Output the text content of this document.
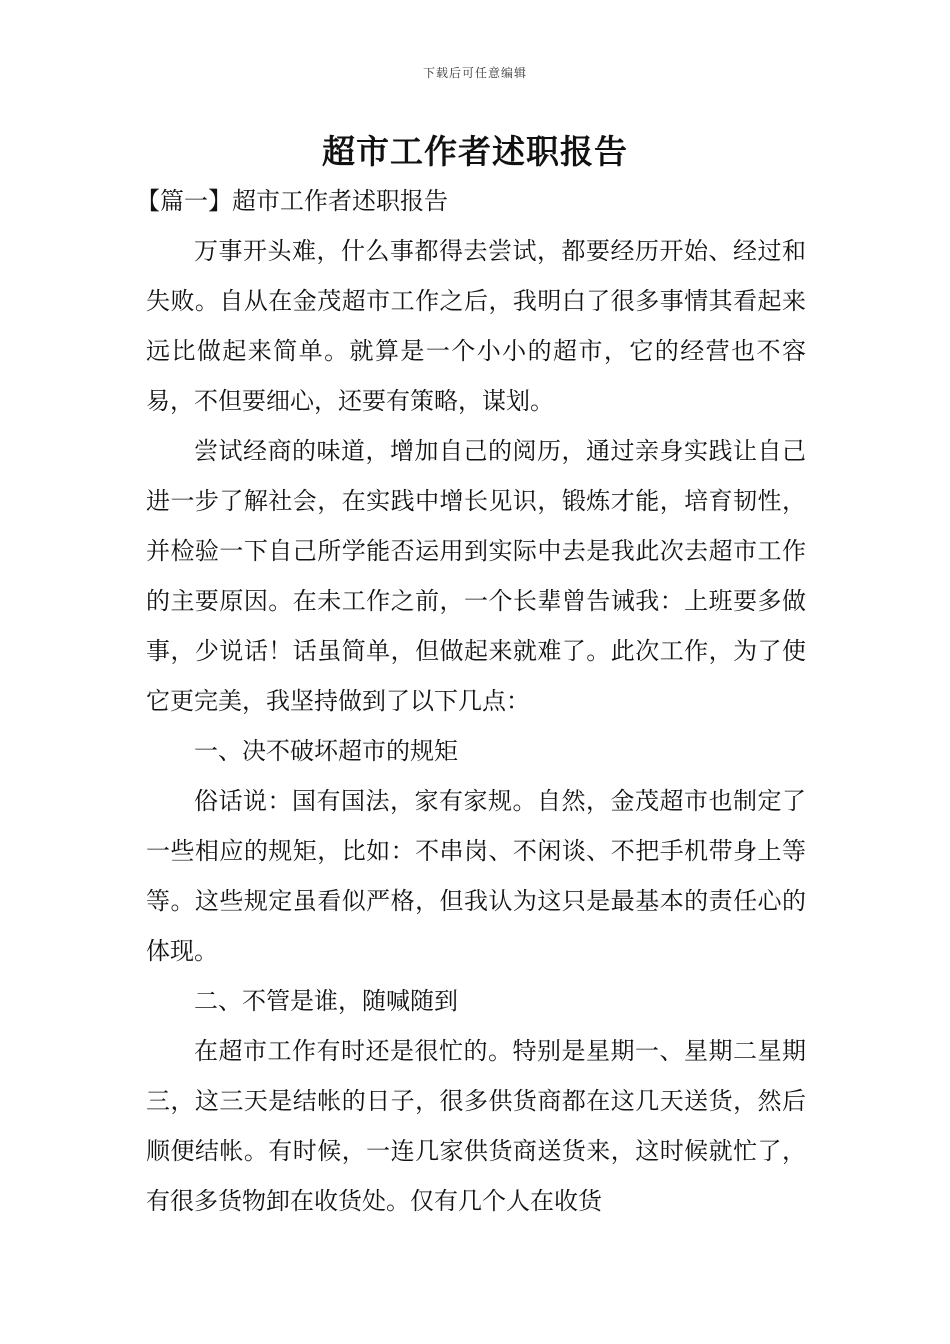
下载后可任意编辑
超市工作者述职报告

【篇一】超市工作者述职报告

万事开头难，什么事都得去尝试，都要经历开始、经过和失败。自从在金茂超市工作之后，我明白了很多事情其看起来远比做起来简单。就算是一个小小的超市，它的经营也不容易，不但要细心，还要有策略，谋划。

尝试经商的味道，增加自己的阅历，通过亲身实践让自己进一步了解社会，在实践中增长见识，锻炼才能，培育韧性，并检验一下自己所学能否运用到实际中去是我此次去超市工作的主要原因。在未工作之前，一个长辈曾告诫我：上班要多做事，少说话！话虽简单，但做起来就难了。此次工作，为了使它更完美，我坚持做到了以下几点：

一、决不破坏超市的规矩

俗话说：国有国法，家有家规。自然，金茂超市也制定了一些相应的规矩，比如：不串岗、不闲谈、不把手机带身上等等。这些规定虽看似严格，但我认为这只是最基本的责任心的体现。

二、不管是谁，随喊随到

在超市工作有时还是很忙的。特别是星期一、星期二星期三，这三天是结帐的日子，很多供货商都在这几天送货，然后顺便结帐。有时候，一连几家供货商送货来，这时候就忙了，有很多货物卸在收货处。仅有几个人在收货
